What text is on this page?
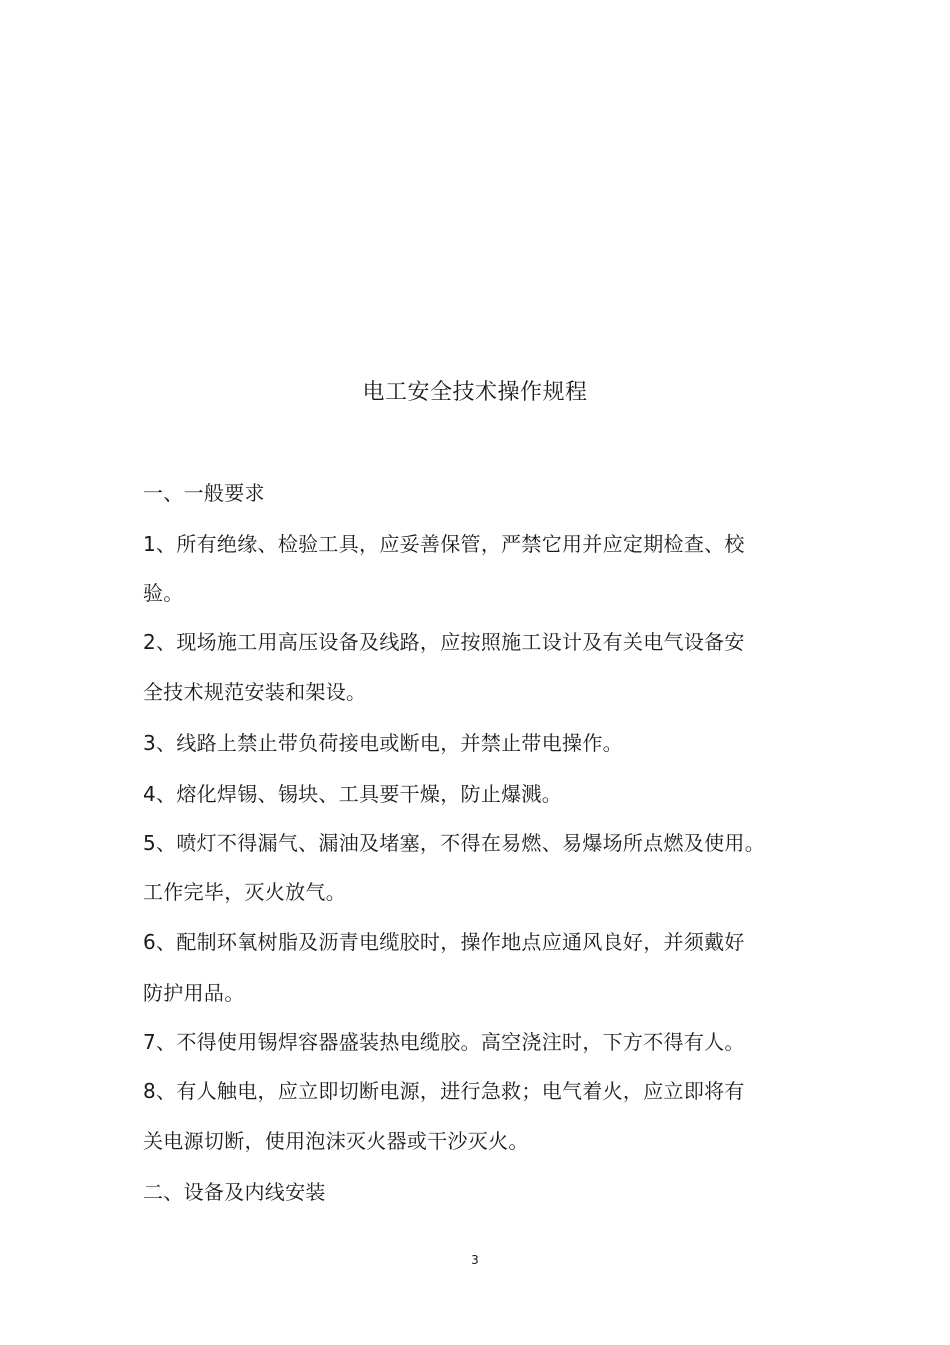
电工安全技术操作规程
一、一般要求
1、所有绝缘、检验工具，应妥善保管，严禁它用并应定期检查、校
验。
2、现场施工用高压设备及线路，应按照施工设计及有关电气设备安
全技术规范安装和架设。
3、线路上禁止带负荷接电或断电，并禁止带电操作。
4、熔化焊锡、锡块、工具要干燥，防止爆溅。
5、喷灯不得漏气、漏油及堵塞，不得在易燃、易爆场所点燃及使用。
工作完毕，灭火放气。
6、配制环氧树脂及沥青电缆胶时，操作地点应通风良好，并须戴好
防护用品。
7、不得使用锡焊容器盛装热电缆胶。高空浇注时，下方不得有人。
8、有人触电，应立即切断电源，进行急救；电气着火，应立即将有
关电源切断，使用泡沫灭火器或干沙灭火。
二、设备及内线安装
3
